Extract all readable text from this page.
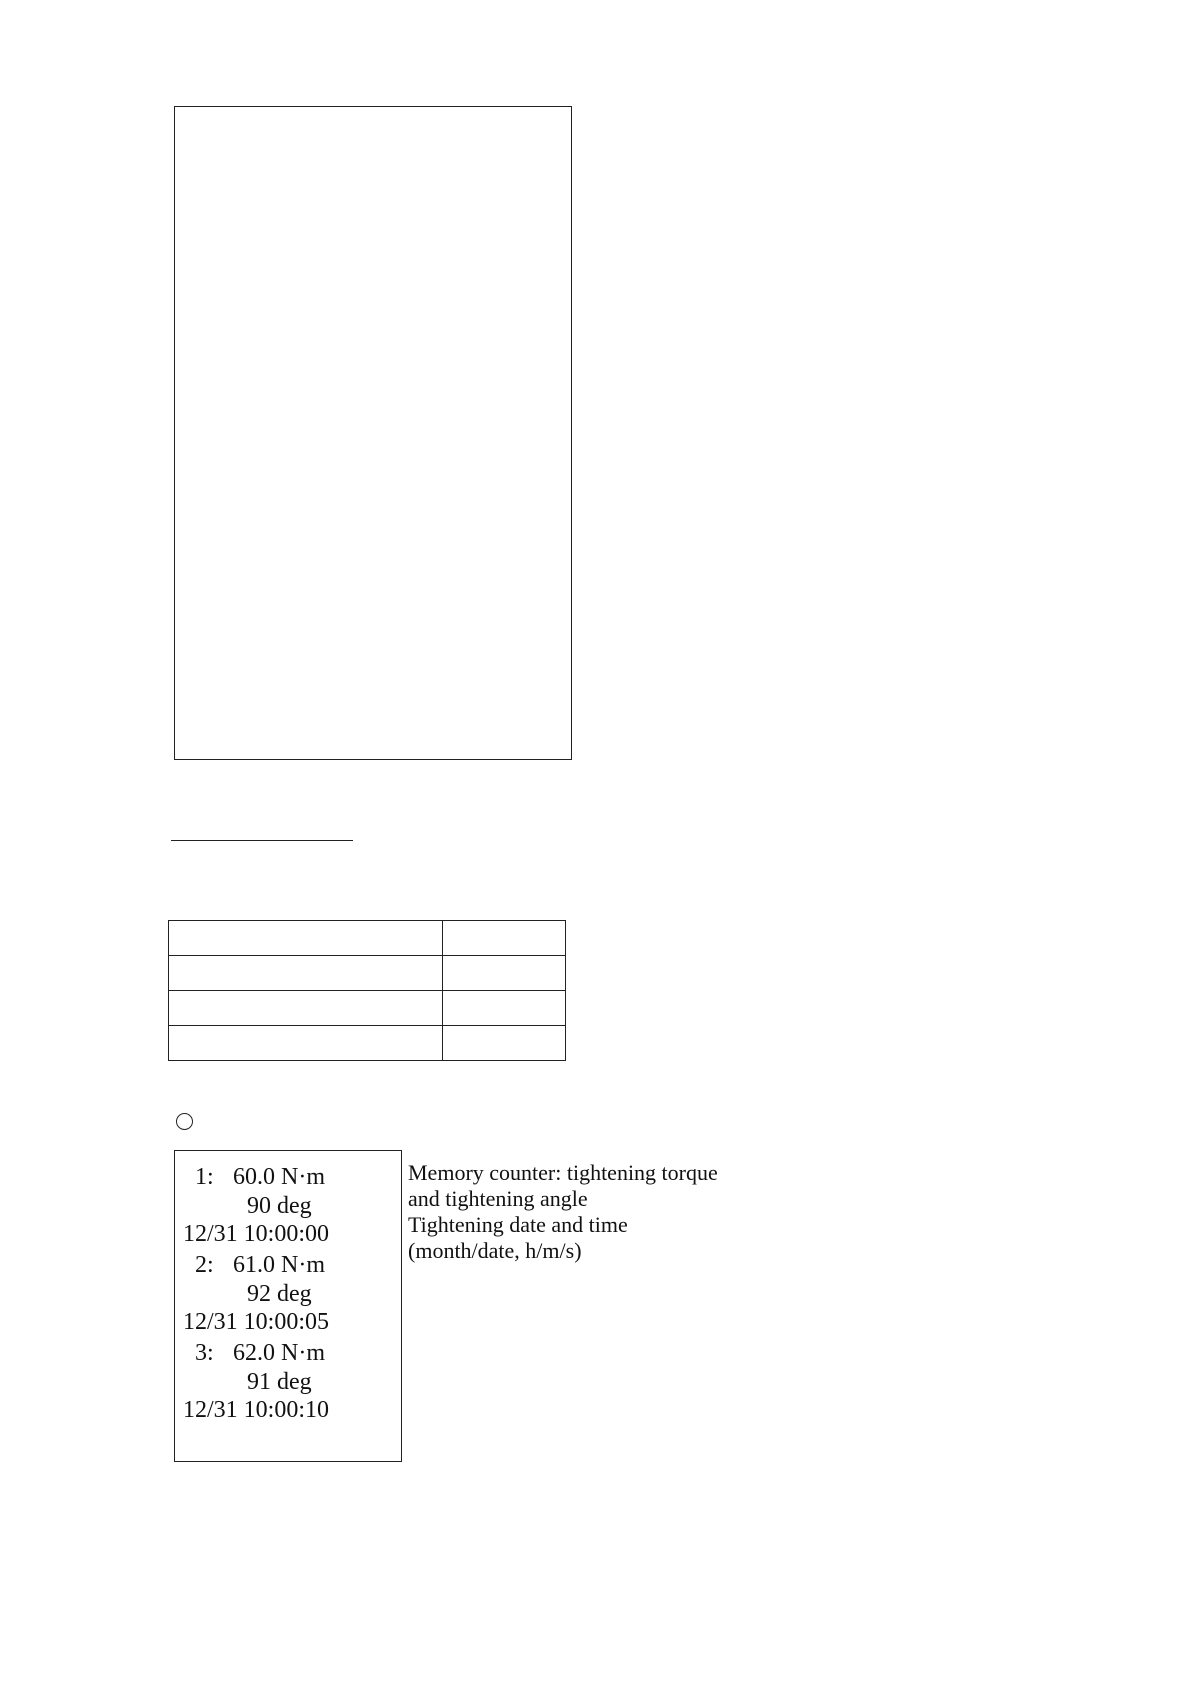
1: 60.0 N·m
90 deg
12/31 10:00:00
2: 61.0 N·m
92 deg
12/31 10:00:05
3: 62.0 N·m
91 deg
12/31 10:00:10
Memory counter: tightening torque
and tightening angle
Tightening date and time
(month/date, h/m/s)
